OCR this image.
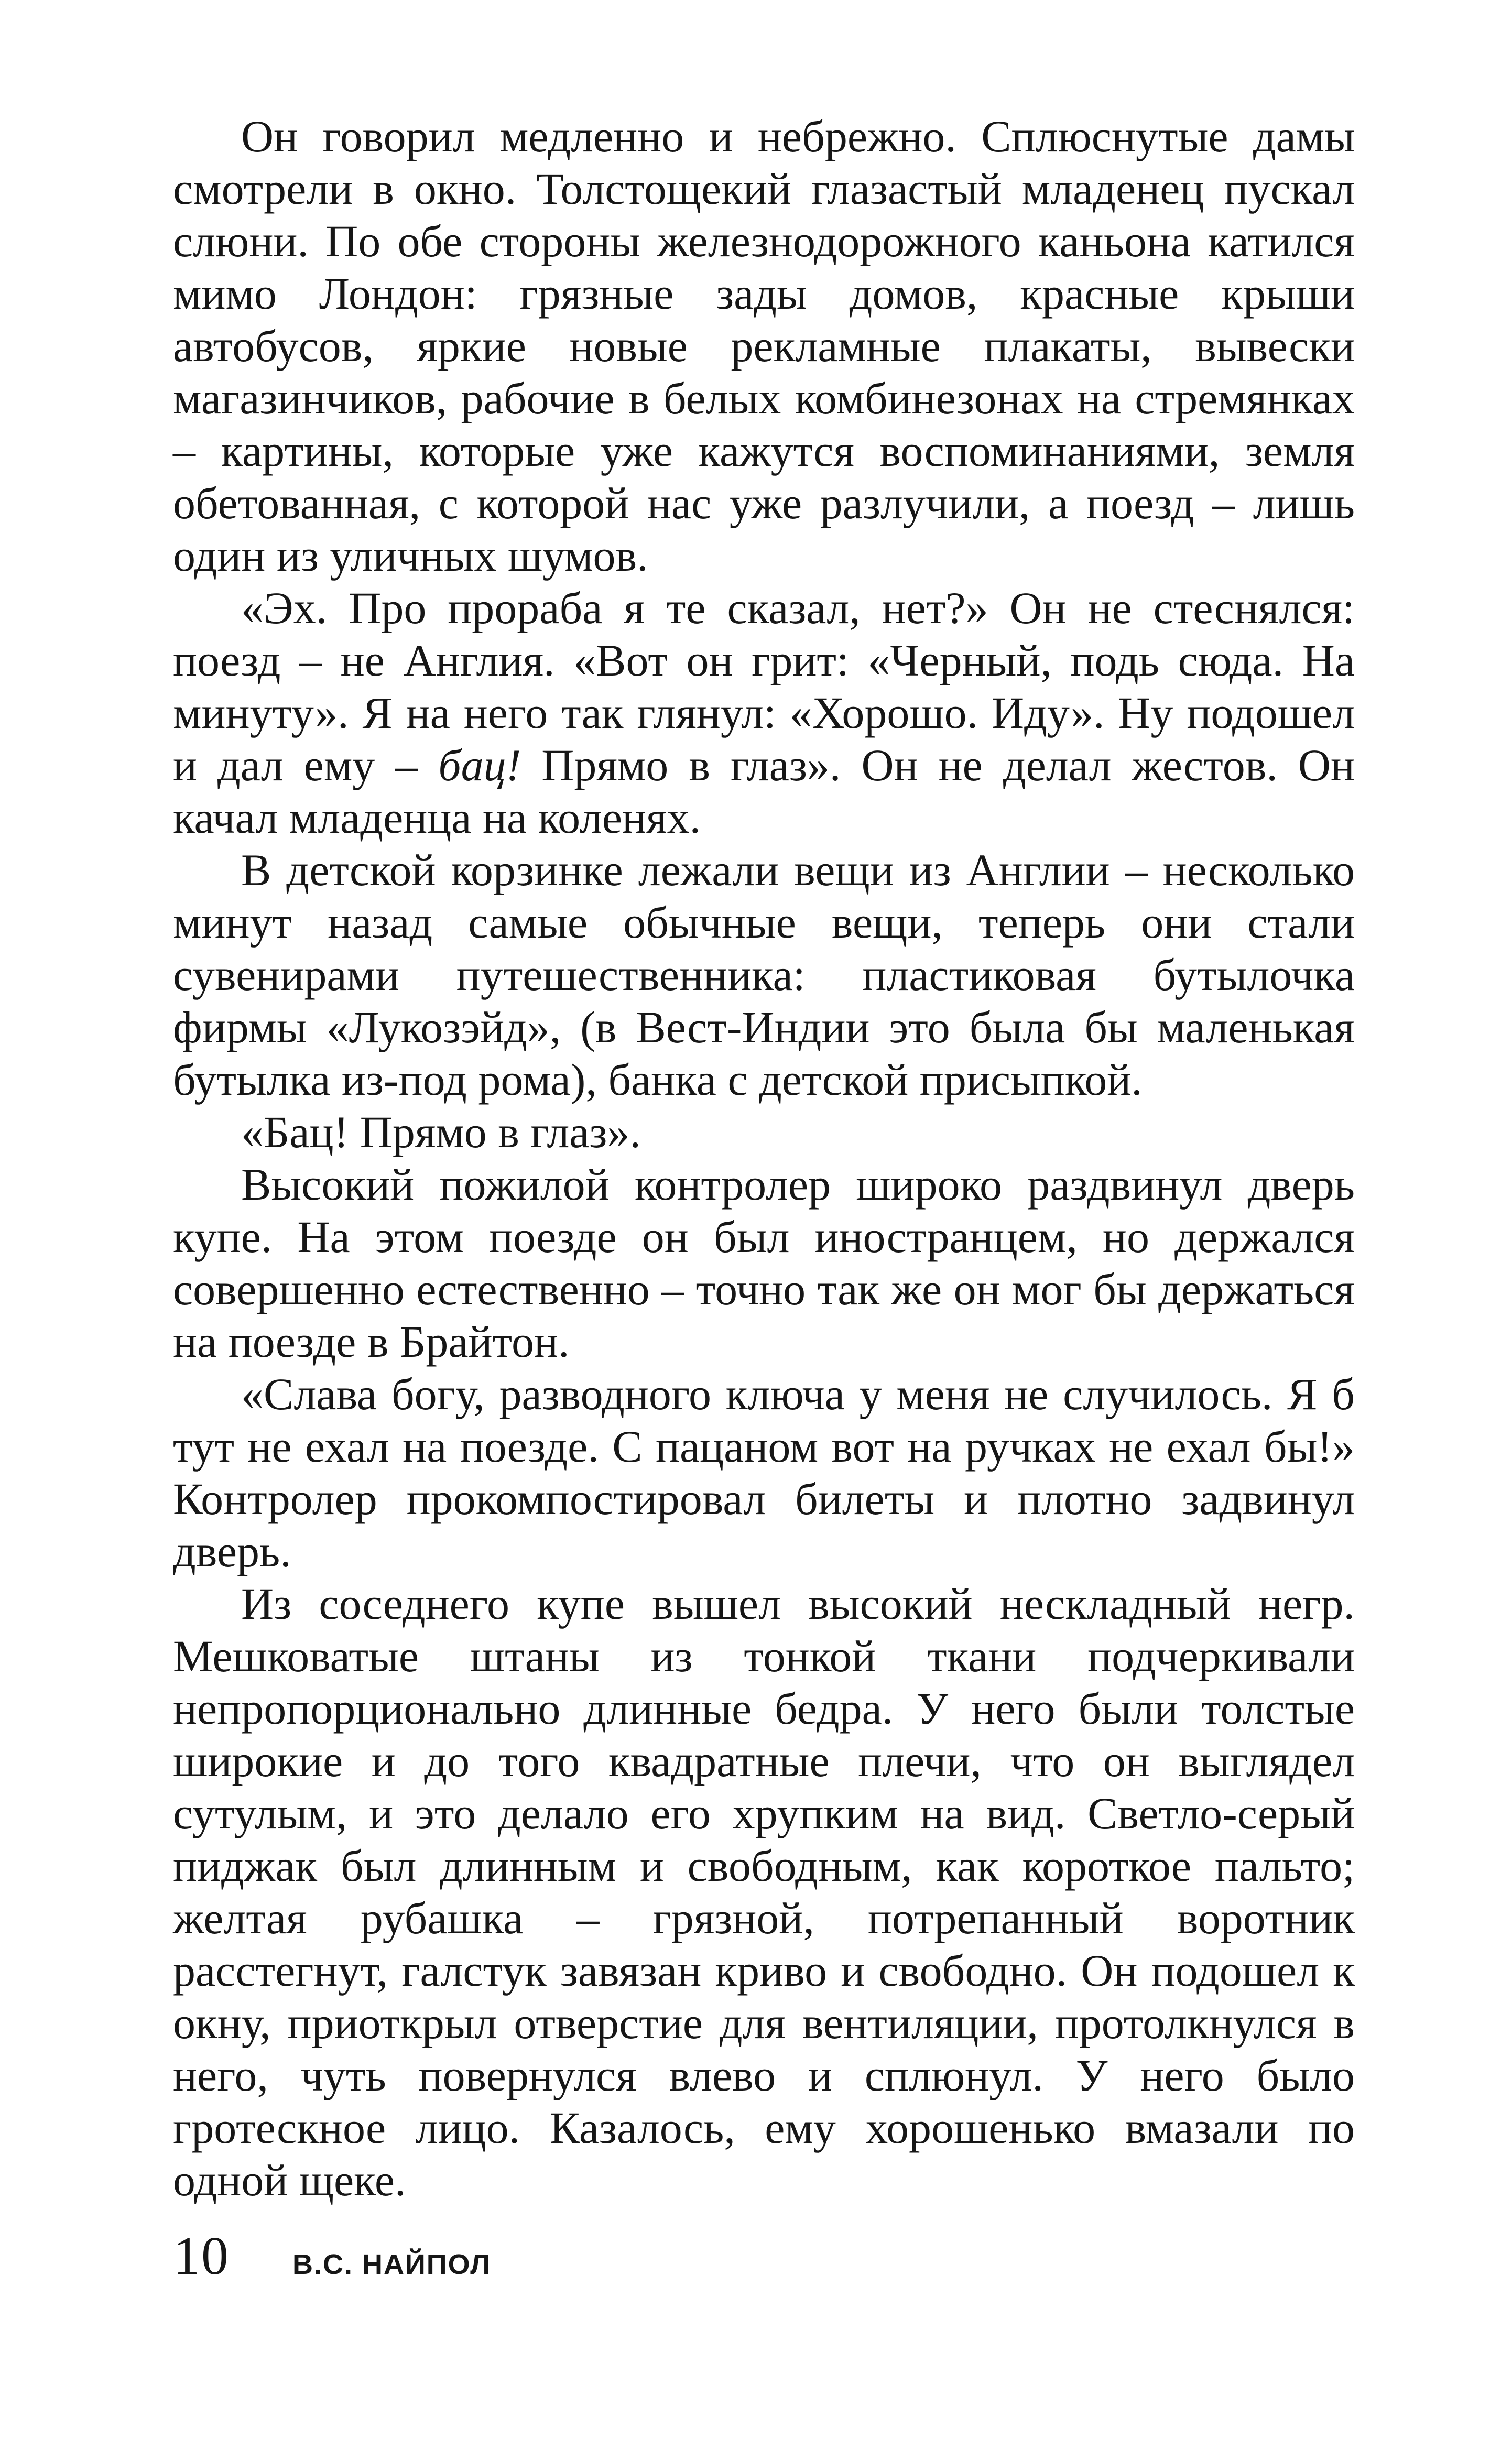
Он говорил медленно и небрежно. Сплюснутые дамы смотрели в окно. Толстощекий глазастый младенец пускал слюни. По обе стороны железнодорожного каньона катился мимо Лондон: грязные зады домов, красные крыши автобусов, яркие новые рекламные плакаты, вывески магазинчиков, рабочие в белых комбинезонах на стремянках – картины, которые уже кажутся воспоминаниями, земля обетованная, с которой нас уже разлучили, а поезд – лишь один из уличных шумов.

«Эх. Про прораба я те сказал, нет?» Он не стеснялся: поезд – не Англия. «Вот он грит: «Черный, подь сюда. На минуту». Я на него так глянул: «Хорошо. Иду». Ну подошел и дал ему – бац! Прямо в глаз». Он не делал жестов. Он качал младенца на коленях.

В детской корзинке лежали вещи из Англии – несколько минут назад самые обычные вещи, теперь они стали сувенирами путешественника: пластиковая бутылочка фирмы «Лукозэйд», (в Вест-Индии это была бы маленькая бутылка из-под рома), банка с детской присыпкой.

«Бац! Прямо в глаз».

Высокий пожилой контролер широко раздвинул дверь купе. На этом поезде он был иностранцем, но держался совершенно естественно – точно так же он мог бы держаться на поезде в Брайтон.

«Слава богу, разводного ключа у меня не случилось. Я б тут не ехал на поезде. С пацаном вот на ручках не ехал бы!» Контролер прокомпостировал билеты и плотно задвинул дверь.

Из соседнего купе вышел высокий нескладный негр. Мешковатые штаны из тонкой ткани подчеркивали непропорционально длинные бедра. У него были толстые широкие и до того квадратные плечи, что он выглядел сутулым, и это делало его хрупким на вид. Светло-серый пиджак был длинным и свободным, как короткое пальто; желтая рубашка – грязной, потрепанный воротник расстегнут, галстук завязан криво и свободно. Он подошел к окну, приоткрыл отверстие для вентиляции, протолкнулся в него, чуть повернулся влево и сплюнул. У него было гротескное лицо. Казалось, ему хорошенько вмазали по одной щеке.

10 В.С. НАЙПОЛ
